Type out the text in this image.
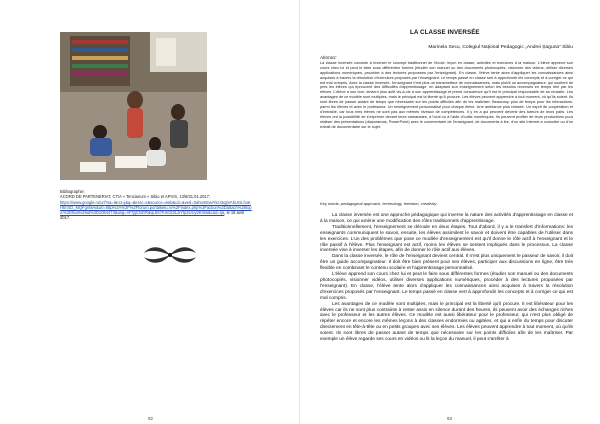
Bibliographie:
ACORD DE PARTENERIAT, CTIA « Tenzianum » Sibiu et APIVS, 13/8/31.01.2017;
https://www.google.ro/url?sa=i&rct=j&q=&esrc=s&source=web&cd=&ved=0ahUKEwiYkcr3qIjVAhUGLhoKHfmXD_MQFgnMAi&url=http%3A%2F%2Fforum.portalkelu.ro%2Findex.php%3Faction%3Dattach%26topic%3D0oa%26id%3D1064474&usg=AFQjCNGRdqL5S7KmGt3L2iYtp2UUy2KhIw&cad=rja, le 18 avril 2017.
92
LA CLASSE INVERSÉE
Marinela Secu, Colegiul Național Pedagogic „Andrei Șaguna” Sibiu
Abstract:
La classe inversée consiste à inverser le concept traditionnel de l'école: leçon en classe, activités et exercices à la maison. L'élève apprend son cours chez lui et peut le faire sous différentes formes (étudier son manuel ou des documents photocopiés, visionner des vidéos, utiliser diverses applications numériques, procéder à des lectures proposées par l'enseignant). En classe, l'élève tente alors d'appliquer les connaissances ainsi acquises à travers la résolution d'exercices proposés par l'enseignant. Le temps passé en classe sert à approfondir les concepts et à corriger ce qui est mal compris. Avec la classe inversée, l'enseignant n'est plus un transmetteur de connaissances, mais plutôt un accompagnateur, qui soutient de près les élèves qui éprouvent des difficultés d'apprentissage, en adaptant son enseignement selon les besoins recensés en temps réel par les élèves. L'élève a son tour, devient plus actif vis-à-vis à son apprentissage et prend conscience qu'il est le principal responsable de sa réussite. Les avantages de ce modèle sont multiples, mais le principal est la liberté qu'il procure. Les élèves peuvent apprendre à tout moment, où qu'ils soient. Ils sont libres de passer autant de temps que nécessaire sur les points difficiles afin de les maîtriser. Beaucoup plus de temps pour les interactions: parmi les élèves et avec le professeur. Un enseignement personnalisé pour chaque élève. Une ambiance plus relaxée. Un esprit de coopération et d'entraide, car tous mes élèves ne sont pas aux mêmes niveaux de compétences. Il y en a qui peuvent devenir des tuteurs de leurs pairs. Les élèves ont la possibilité de s'exprimer devant leurs camarades, à l'oral ou à l'aide d'outils numériques. Ils peuvent profiter de leurs productions pour réaliser des présentations (diaporamas, PowerPoint) avec le commentaire de l'enseignant, de documents à lire, d'un site Internet à consulter ou d'un extrait de documentaire sur le sujet.
Key words: pedagogical approach, technology, freedom, creativity.

La classe inversée est une approche pédagogique qui inverse la nature des activités d'apprentissage en classe et à la maison, ce qui amène une modification des rôles traditionnels d'apprentissage.

Traditionnellement, l'enseignement se déroule en deux étapes. Tout d'abord, il y a le transfert d'informations: les enseignants communiquent le savoir, ensuite, les élèves assimilent le savoir et doivent être capables de l'utiliser dans les exercices. L'un des problèmes que pose ce modèle d'enseignement est qu'il donne le rôle actif à l'enseignant et le rôle passif à l'élève. Plus l'enseignant est actif, moins les élèves se sentent impliqués dans le processus. La classe inversée vise à inverser les étapes, afin de donner le rôle actif aux élèves.

Dans la classe inversée, le rôle de l'enseignant devient central. Il n'est plus uniquement le passeur de savoir, il doit être un guide accompagnateur. Il doit être bien présent pour ses élèves, participer aux discussions en ligne, être très flexible en combinant le contenu scolaire et l'apprentissage personnalisé.

L'élève apprend son cours chez lui et peut le faire sous différentes formes (étudier son manuel ou des documents photocopiés, visionner vidéos, utiliser diverses applications numériques, procéder à des lectures proposées par l'enseignant). En classe, l'élève tente alors d'appliquer les connaissances ainsi acquises à travers la résolution d'exercices proposés par l'enseignant. Le temps passé en classe sert à approfondir les concepts et à corriger ce qui est mal compris.

Les avantages de ce modèle sont multiples, mais le principal est la liberté qu'il procure. Il est libérateur pour les élèves car ils ne sont plus contraints à rester assis en silence durant des heures, ils peuvent avoir des échanges riches avec le professeur et les autres élèves. Ce modèle est aussi libérateur pour le professeur, qui n'est plus obligé de répéter encore et encore les mêmes leçons à des classes endormies ou agitées, et qui a enfin du temps pour discuter directement en tête-à-tête ou en petits groupes avec ses élèves. Les élèves peuvent apprendre à tout moment, où qu'ils soient. Ils sont libres de passer autant de temps que nécessaire sur les points difficiles afin de les maîtriser. Par exemple un élève regarde ses cours en vidéos ou lit la leçon du manuel, il peut s'arrêter à

93
